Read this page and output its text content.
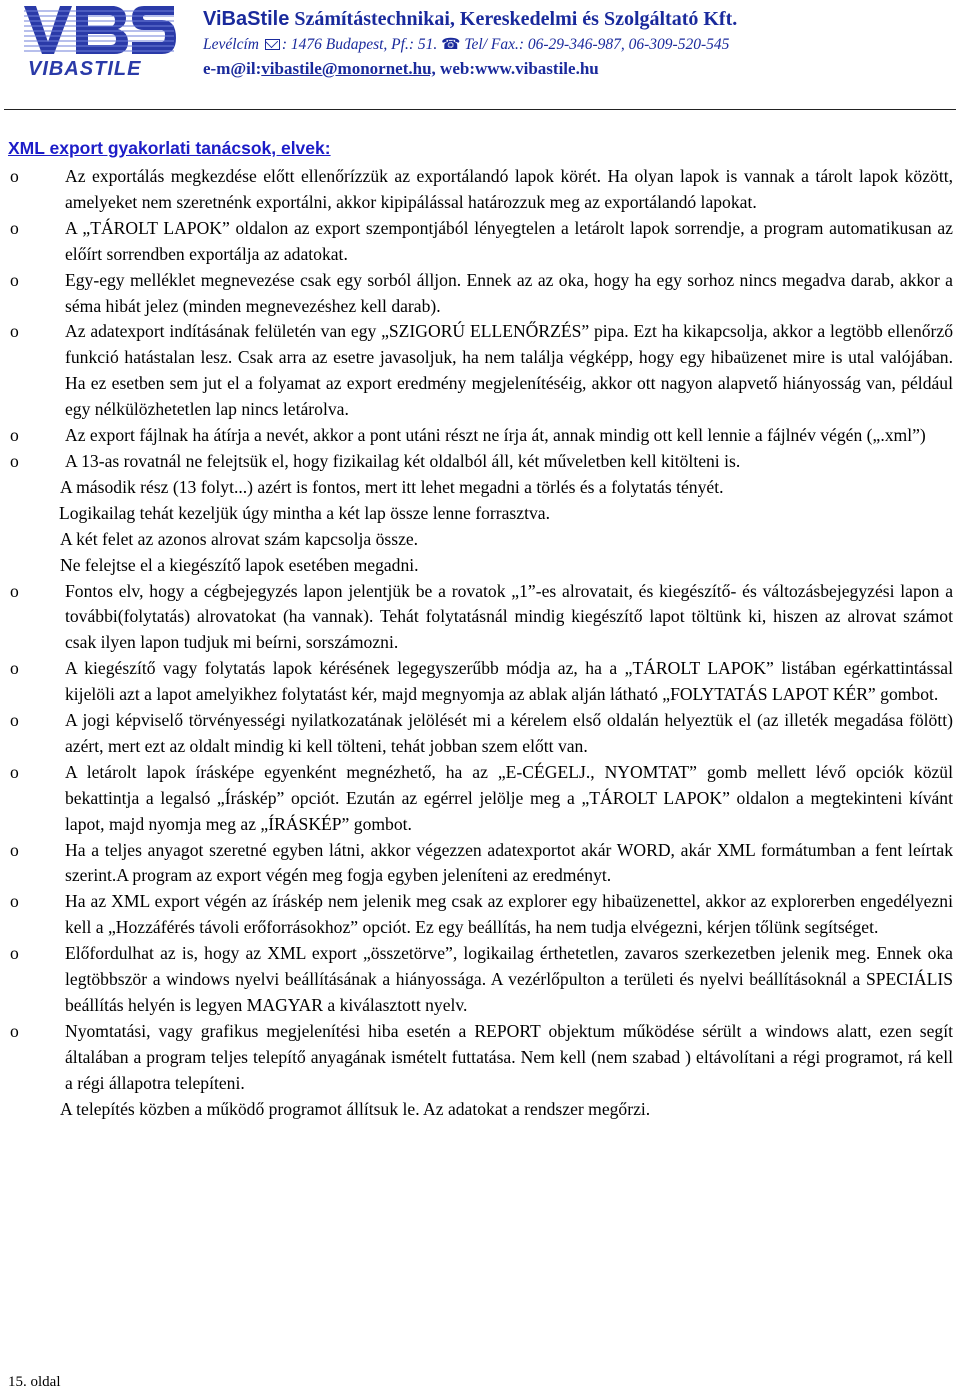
VIBASTILE
ViBaStile Számítástechnikai, Kereskedelmi és Szolgáltató Kft.
Levélcím : 1476 Budapest, Pf.: 51. ☎ Tel/ Fax.: 06-29-346-987, 06-309-520-545
e-m@il:vibastile@monornet.hu, web:www.vibastile.hu
XML export gyakorlati tanácsok, elvek:
o	Az exportálás megkezdése előtt ellenőrízzük az exportálandó lapok körét. Ha olyan lapok is vannak a tárolt lapok között, amelyeket nem szeretnénk exportálni, akkor kipipálással határozzuk meg az exportálandó lapokat.
o	A „TÁROLT LAPOK” oldalon az export szempontjából lényegtelen a letárolt lapok sorrendje, a program automatikusan az előírt sorrendben exportálja az adatokat.
o	Egy-egy melléklet megnevezése csak egy sorból álljon. Ennek az az oka, hogy ha egy sorhoz nincs megadva darab, akkor a séma hibát jelez (minden megnevezéshez kell darab).
o	Az adatexport indításának felületén van egy „SZIGORÚ ELLENŐRZÉS” pipa. Ezt ha kikapcsolja, akkor a legtöbb ellenőrző funkció hatástalan lesz. Csak arra az esetre javasoljuk, ha nem találja végképp, hogy egy hibaüzenet mire is utal valójában. Ha ez esetben sem jut el a folyamat az export eredmény megjelenítéséig, akkor ott nagyon alapvető hiányosság van, például egy nélkülözhetetlen lap nincs letárolva.
o	Az export fájlnak ha átírja a nevét, akkor a pont utáni részt ne írja át, annak mindig ott kell lennie a fájlnév végén („.xml”)
o	A 13-as rovatnál ne felejtsük el, hogy fizikailag két oldalból áll, két műveletben kell kitölteni is.
A második rész (13 folyt...) azért is fontos, mert itt lehet megadni a törlés és a folytatás tényét.
Logikailag tehát kezeljük úgy mintha a két lap össze lenne forrasztva.
A két felet az azonos alrovat szám kapcsolja össze.
Ne felejtse el a kiegészítő lapok esetében megadni.
o	Fontos elv, hogy a cégbejegyzés lapon jelentjük be a rovatok „1”-es alrovatait, és kiegészítő- és változásbejegyzési lapon a további(folytatás) alrovatokat (ha vannak). Tehát folytatásnál mindig kiegészítő lapot töltünk ki, hiszen az alrovat számot csak ilyen lapon tudjuk mi beírni, sorszámozni.
o	A kiegészítő vagy folytatás lapok kérésének legegyszerűbb módja az, ha a „TÁROLT LAPOK” listában egérkattintással kijelöli azt a lapot amelyikhez folytatást kér, majd megnyomja az ablak alján látható „FOLYTATÁS LAPOT KÉR” gombot.
o	A jogi képviselő törvényességi nyilatkozatának jelölését mi a kérelem első oldalán helyeztük el (az illeték megadása fölött) azért, mert ezt az oldalt mindig ki kell tölteni, tehát jobban szem előtt van.
o	A letárolt lapok írásképe egyenként megnézhető, ha az „E-CÉGELJ., NYOMTAT” gomb mellett lévő opciók közül bekattintja a legalsó „Íráskép” opciót. Ezután az egérrel jelölje meg a „TÁROLT LAPOK” oldalon a megtekinteni kívánt lapot, majd nyomja meg az „ÍRÁSKÉP” gombot.
o	Ha a teljes anyagot szeretné egyben látni, akkor végezzen adatexportot akár WORD, akár XML formátumban a fent leírtak szerint.A program az export végén meg fogja egyben jeleníteni az eredményt.
o	Ha az XML export végén az íráskép nem jelenik meg csak az explorer egy hibaüzenettel, akkor az explorerben engedélyezni kell a „Hozzáférés távoli erőforrásokhoz” opciót. Ez egy beállítás, ha nem tudja elvégezni, kérjen tőlünk segítséget.
o	Előfordulhat az is, hogy az XML export „összetörve”, logikailag érthetetlen, zavaros szerkezetben jelenik meg. Ennek oka legtöbbször a windows nyelvi beállításának a hiányossága. A vezérlőpulton a területi és nyelvi beállításoknál a SPECIÁLIS beállítás helyén is legyen MAGYAR a kiválasztott nyelv.
o	Nyomtatási, vagy grafikus megjelenítési hiba esetén a REPORT objektum működése sérült a windows alatt, ezen segít általában a program teljes telepítő anyagának ismételt futtatása. Nem kell (nem szabad ) eltávolítani a régi programot, rá kell a régi állapotra telepíteni.
A telepítés közben a működő programot állítsuk le. Az adatokat a rendszer megőrzi.
15. oldal
